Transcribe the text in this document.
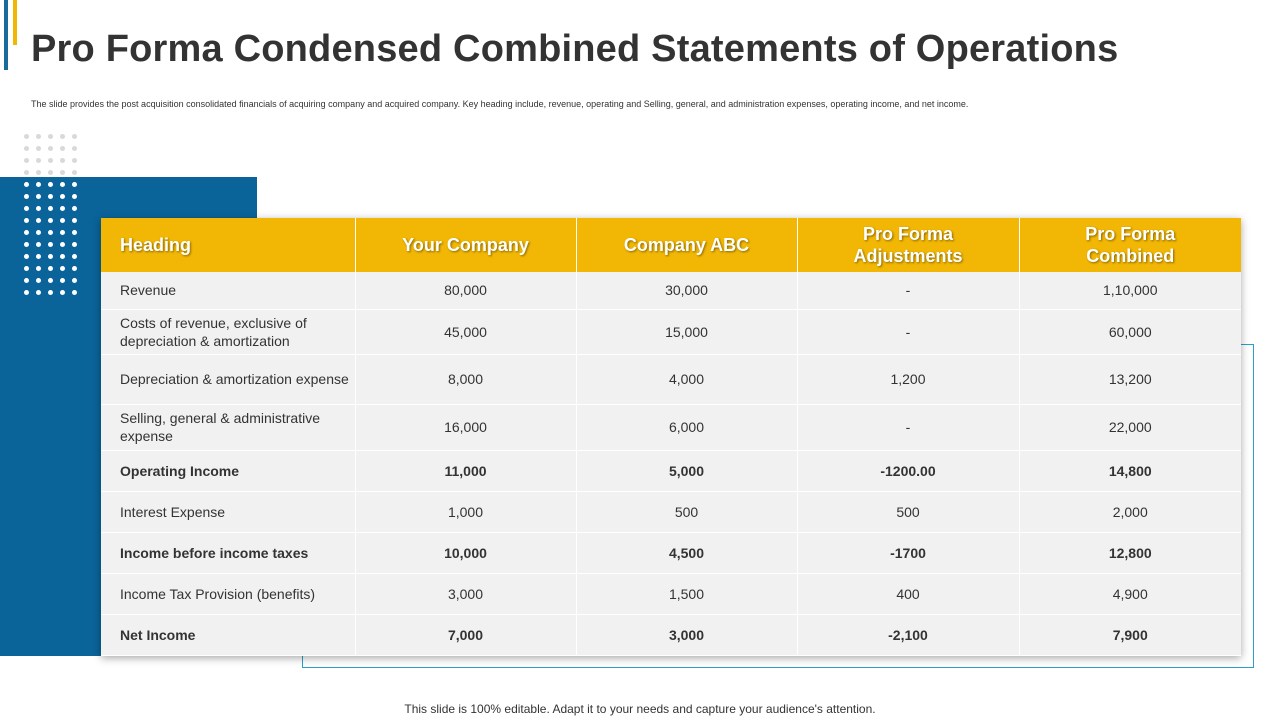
Pro Forma Condensed Combined Statements of Operations
The slide provides the post acquisition consolidated financials of acquiring company and acquired company. Key heading include, revenue, operating and Selling, general, and administration expenses, operating income, and net income.
Heading	Your Company	Company ABC	Pro Forma Adjustments	Pro Forma Combined

Revenue	80,000	30,000	-	1,10,000
Costs of revenue, exclusive of depreciation & amortization	45,000	15,000	-	60,000
Depreciation & amortization expense	8,000	4,000	1,200	13,200
Selling, general & administrative expense	16,000	6,000	-	22,000
Operating Income	11,000	5,000	-1200.00	14,800
Interest Expense	1,000	500	500	2,000
Income before income taxes	10,000	4,500	-1700	12,800
Income Tax Provision (benefits)	3,000	1,500	400	4,900
Net Income	7,000	3,000	-2,100	7,900
This slide is 100% editable. Adapt it to your needs and capture your audience's attention.
